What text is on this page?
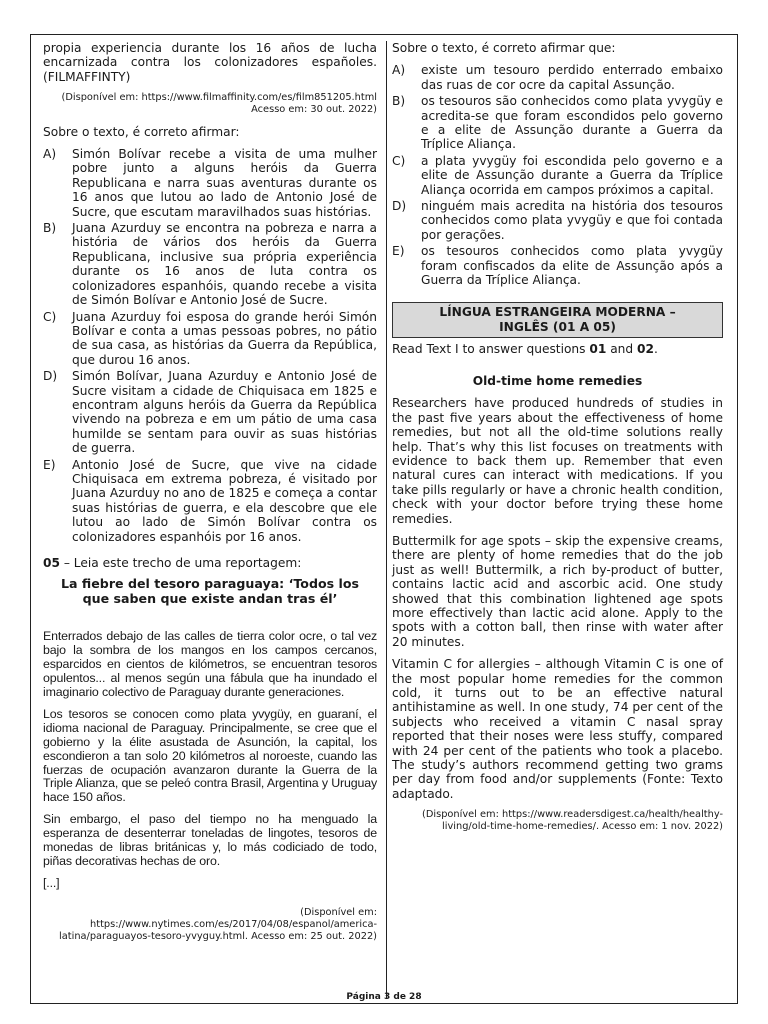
propia experiencia durante los 16 años de lucha encarnizada contra los colonizadores españoles. (FILMAFFINTY)

(Disponível em: https://www.filmaffinity.com/es/film851205.html Acesso em: 30 out. 2022)

Sobre o texto, é correto afirmar:

A)	Simón Bolívar recebe a visita de uma mulher pobre junto a alguns heróis da Guerra Republicana e narra suas aventuras durante os 16 anos que lutou ao lado de Antonio José de Sucre, que escutam maravilhados suas histórias.
B)	Juana Azurduy se encontra na pobreza e narra a história de vários dos heróis da Guerra Republicana, inclusive sua própria experiência durante os 16 anos de luta contra os colonizadores espanhóis, quando recebe a visita de Simón Bolívar e Antonio José de Sucre.
C)	Juana Azurduy foi esposa do grande herói Simón Bolívar e conta a umas pessoas pobres, no pátio de sua casa, as histórias da Guerra da República, que durou 16 anos.
D)	Simón Bolívar, Juana Azurduy e Antonio José de Sucre visitam a cidade de Chiquisaca em 1825 e encontram alguns heróis da Guerra da República vivendo na pobreza e em um pátio de uma casa humilde se sentam para ouvir as suas histórias de guerra.
E)	Antonio José de Sucre, que vive na cidade Chiquisaca em extrema pobreza, é visitado por Juana Azurduy no ano de 1825 e começa a contar suas histórias de guerra, e ela descobre que ele lutou ao lado de Simón Bolívar contra os colonizadores espanhóis por 16 anos.

05 – Leia este trecho de uma reportagem:

La fiebre del tesoro paraguaya: ‘Todos los que saben que existe andan tras él’

Enterrados debajo de las calles de tierra color ocre, o tal vez bajo la sombra de los mangos en los campos cercanos, esparcidos en cientos de kilómetros, se encuentran tesoros opulentos... al menos según una fábula que ha inundado el imaginario colectivo de Paraguay durante generaciones.

Los tesoros se conocen como plata yvygüy, en guaraní, el idioma nacional de Paraguay. Principalmente, se cree que el gobierno y la élite asustada de Asunción, la capital, los escondieron a tan solo 20 kilómetros al noroeste, cuando las fuerzas de ocupación avanzaron durante la Guerra de la Triple Alianza, que se peleó contra Brasil, Argentina y Uruguay hace 150 años.

Sin embargo, el paso del tiempo no ha menguado la esperanza de desenterrar toneladas de lingotes, tesoros de monedas de libras británicas y, lo más codiciado de todo, piñas decorativas hechas de oro.

[...]

(Disponível em: https://www.nytimes.com/es/2017/04/08/espanol/america-latina/paraguayos-tesoro-yvyguy.html. Acesso em: 25 out. 2022)

Sobre o texto, é correto afirmar que:

A)	existe um tesouro perdido enterrado embaixo das ruas de cor ocre da capital Assunção.
B)	os tesouros são conhecidos como plata yvygüy e acredita-se que foram escondidos pelo governo e a elite de Assunção durante a Guerra da Tríplice Aliança.
C)	a plata yvygüy foi escondida pelo governo e a elite de Assunção durante a Guerra da Tríplice Aliança ocorrida em campos próximos a capital.
D)	ninguém mais acredita na história dos tesouros conhecidos como plata yvygüy e que foi contada por gerações.
E)	os tesouros conhecidos como plata yvygüy foram confiscados da elite de Assunção após a Guerra da Tríplice Aliança.
LÍNGUA ESTRANGEIRA MODERNA –
INGLÊS (01 A 05)

Read Text I to answer questions 01 and 02.

Old-time home remedies

Researchers have produced hundreds of studies in the past five years about the effectiveness of home remedies, but not all the old-time solutions really help. That’s why this list focuses on treatments with evidence to back them up. Remember that even natural cures can interact with medications. If you take pills regularly or have a chronic health condition, check with your doctor before trying these home remedies.

Buttermilk for age spots – skip the expensive creams, there are plenty of home remedies that do the job just as well! Buttermilk, a rich by-product of butter, contains lactic acid and ascorbic acid. One study showed that this combination lightened age spots more effectively than lactic acid alone. Apply to the spots with a cotton ball, then rinse with water after 20 minutes.

Vitamin C for allergies – although Vitamin C is one of the most popular home remedies for the common cold, it turns out to be an effective natural antihistamine as well. In one study, 74 per cent of the subjects who received a vitamin C nasal spray reported that their noses were less stuffy, compared with 24 per cent of the patients who took a placebo. The study’s authors recommend getting two grams per day from food and/or supplements (Fonte: Texto adaptado.

(Disponível em: https://www.readersdigest.ca/health/healthy-living/old-time-home-remedies/. Acesso em: 1 nov. 2022)

Página 3 de 28
